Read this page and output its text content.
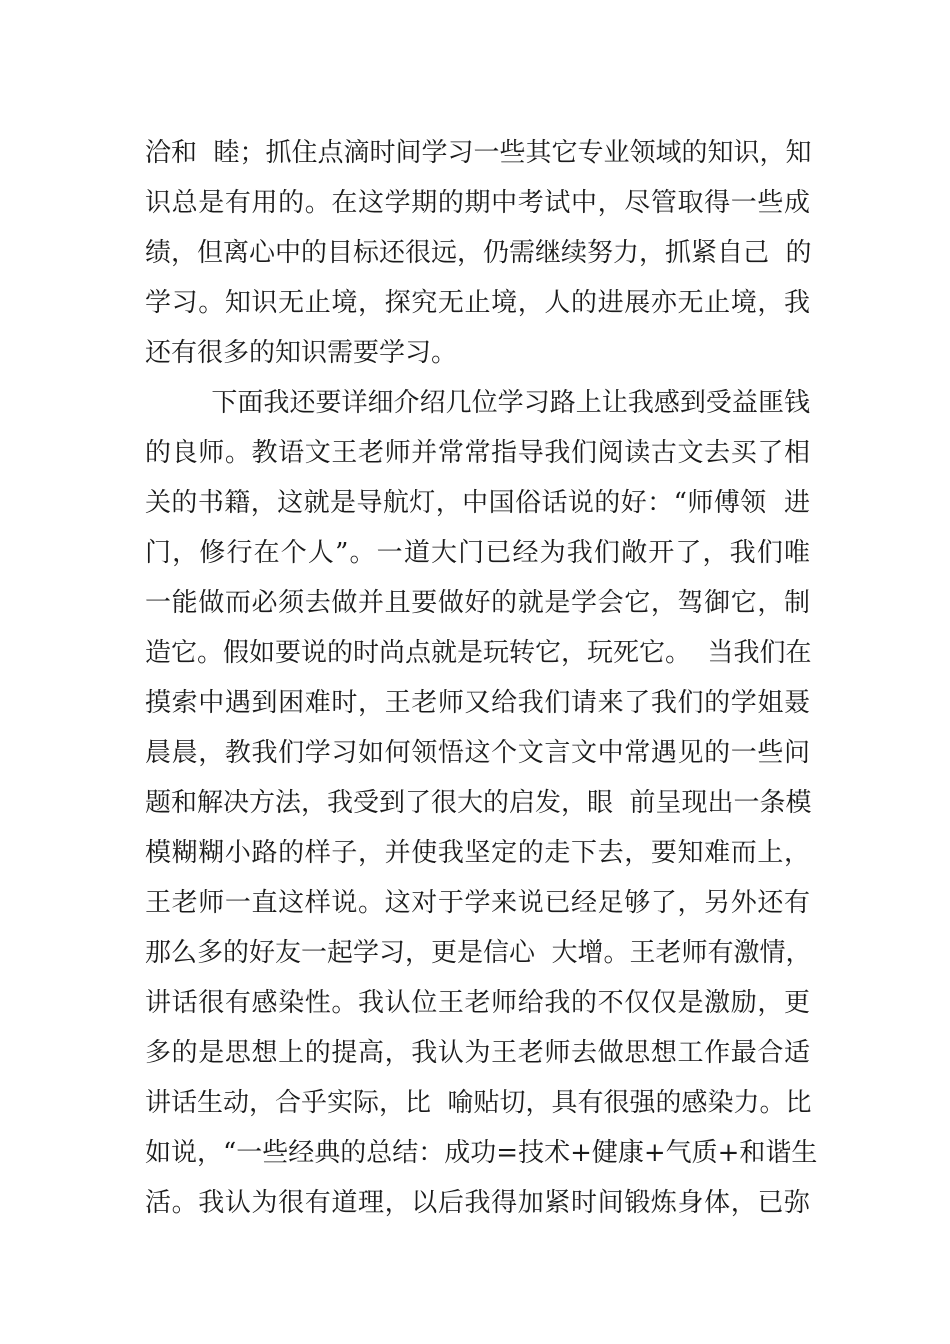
洽和  睦；抓住点滴时间学习一些其它专业领域的知识，知
识总是有用的。在这学期的期中考试中，尽管取得一些成
绩，但离心中的目标还很远，仍需继续努力，抓紧自己  的
学习。知识无止境，探究无止境，人的进展亦无止境，我
还有很多的知识需要学习。
下面我还要详细介绍几位学习路上让我感到受益匪钱
的良师。教语文王老师并常常指导我们阅读古文去买了相
关的书籍，这就是导航灯，中国俗话说的好：“师傅领  进
门，修行在个人”。一道大门已经为我们敞开了，我们唯
一能做而必须去做并且要做好的就是学会它，驾御它，制
造它。假如要说的时尚点就是玩转它，玩死它。  当我们在
摸索中遇到困难时，王老师又给我们请来了我们的学姐聂
晨晨，教我们学习如何领悟这个文言文中常遇见的一些问
题和解决方法，我受到了很大的启发，眼  前呈现出一条模
模糊糊小路的样子，并使我坚定的走下去，要知难而上，
王老师一直这样说。这对于学来说已经足够了，另外还有
那么多的好友一起学习，更是信心  大增。王老师有激情，
讲话很有感染性。我认位王老师给我的不仅仅是激励，更
多的是思想上的提高，我认为王老师去做思想工作最合适
讲话生动，合乎实际，比  喻贴切，具有很强的感染力。比
如说，“一些经典的总结：成功=技术+健康+气质+和谐生
活。我认为很有道理，以后我得加紧时间锻炼身体，已弥
